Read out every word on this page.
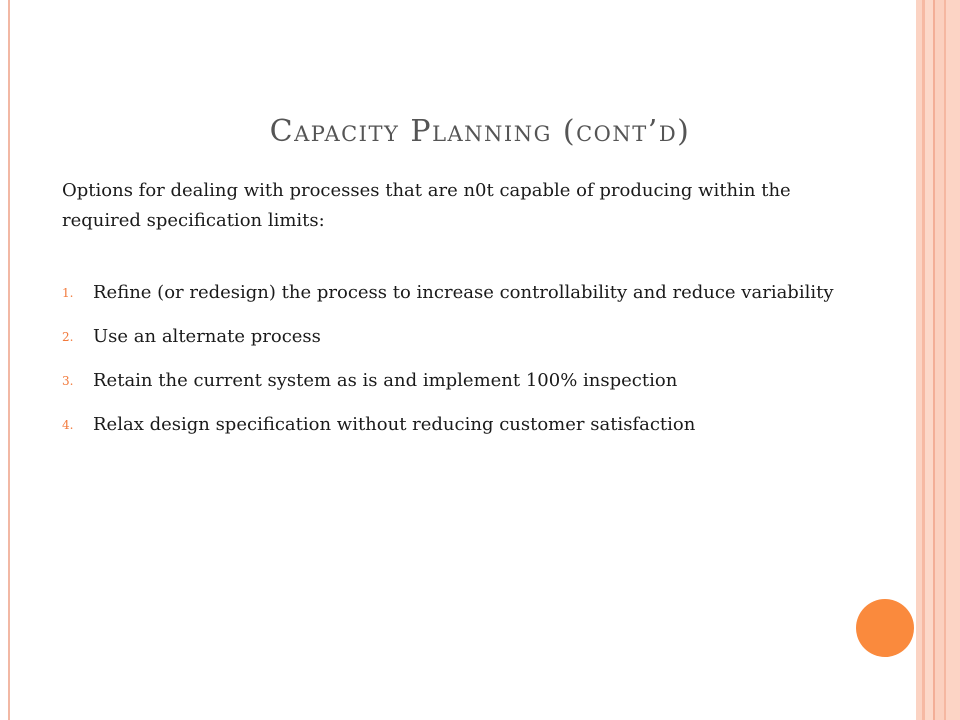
Capacity Planning (cont’d)

Options for dealing with processes that are n0t capable of producing within the required specification limits:

1.	Refine (or redesign) the process to increase controllability and reduce variability
2.	Use an alternate process
3.	Retain the current system as is and implement 100% inspection
4.	Relax design specification without reducing customer satisfaction
